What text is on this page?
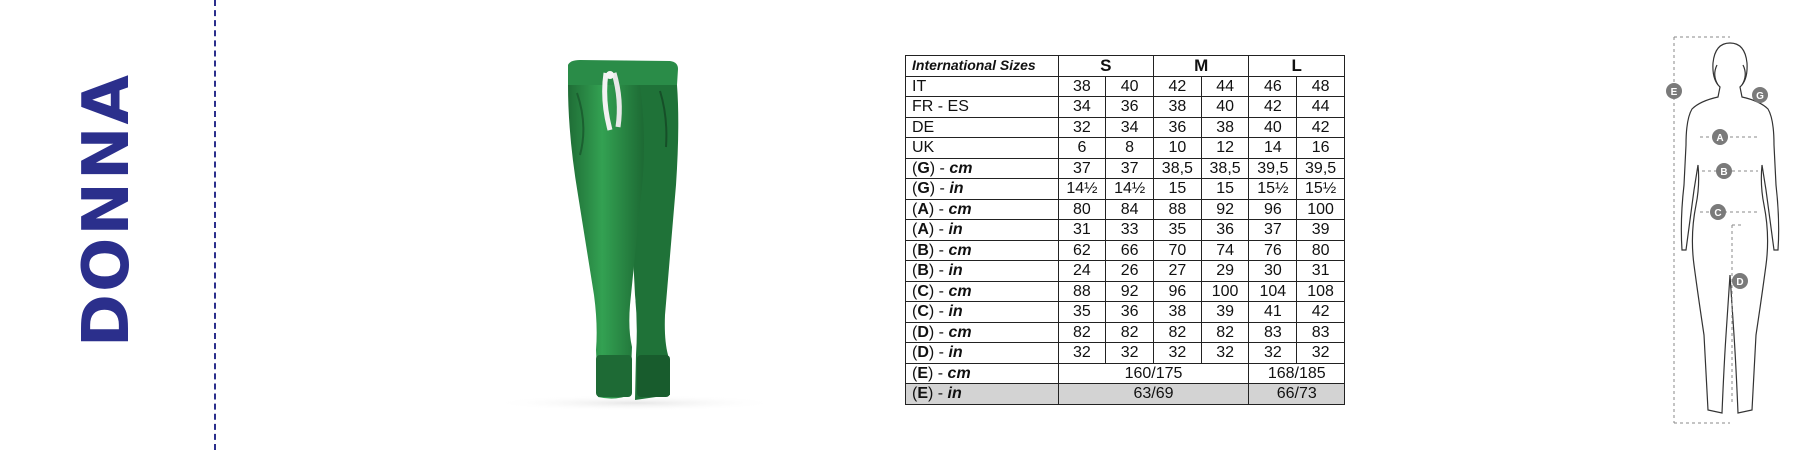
DONNA
International Sizes	S		M		L	
IT	38	40	42	44	46	48
FR - ES	34	36	38	40	42	44
DE	32	34	36	38	40	42
UK	6	8	10	12	14	16
(G) - cm	37	37	38,5	38,5	39,5	39,5
(G) - in	14½	14½	15	15	15½	15½
(A) - cm	80	84	88	92	96	100
(A) - in	31	33	35	36	37	39
(B) - cm	62	66	70	74	76	80
(B) - in	24	26	27	29	30	31
(C) - cm	88	92	96	100	104	108
(C) - in	35	36	38	39	41	42
(D) - cm	82	82	82	82	83	83
(D) - in	32	32	32	32	32	32
(E) - cm	160/175				168/185	
(E) - in	63/69				66/73	
E	G
A
B
C
D
